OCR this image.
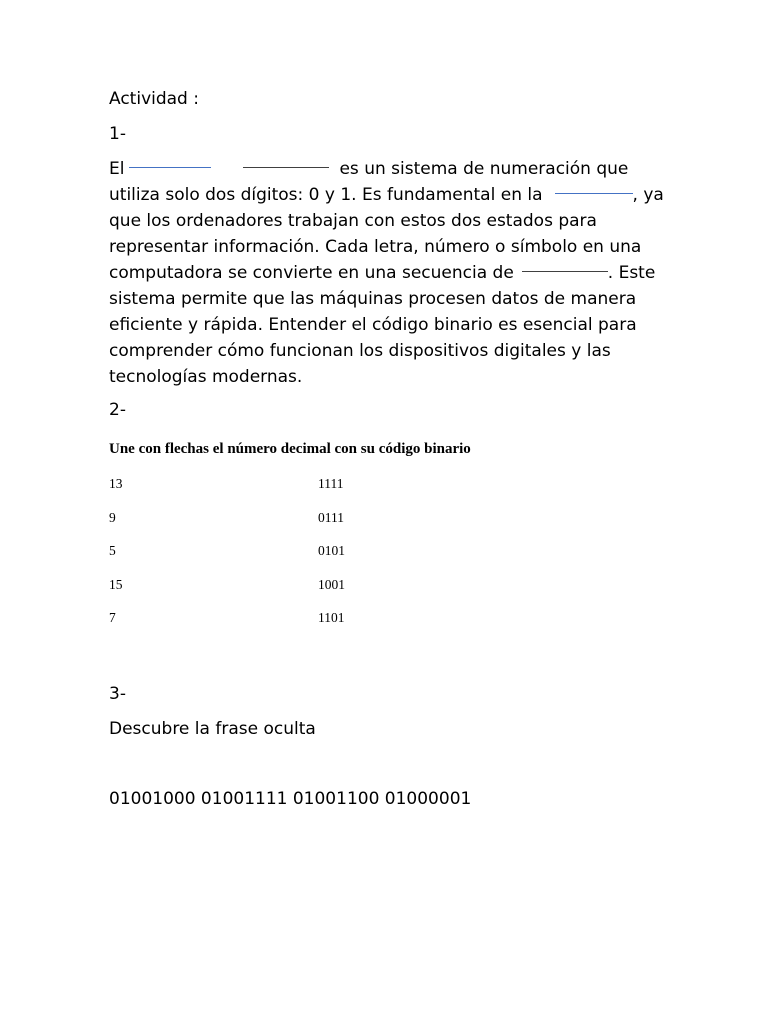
Actividad :
1-
El	es un sistema de numeración que
utiliza solo dos dígitos: 0 y 1. Es fundamental en la	, ya
que los ordenadores trabajan con estos dos estados para
representar información. Cada letra, número o símbolo en una
computadora se convierte en una secuencia de	. Este
sistema permite que las máquinas procesen datos de manera
eficiente y rápida. Entender el código binario es esencial para
comprender cómo funcionan los dispositivos digitales y las
tecnologías modernas.
2-
Une con flechas el número decimal con su código binario
13	1111
9	0111
5	0101
15	1001
7	1101
3-
Descubre la frase oculta
01001000 01001111 01001100 01000001
